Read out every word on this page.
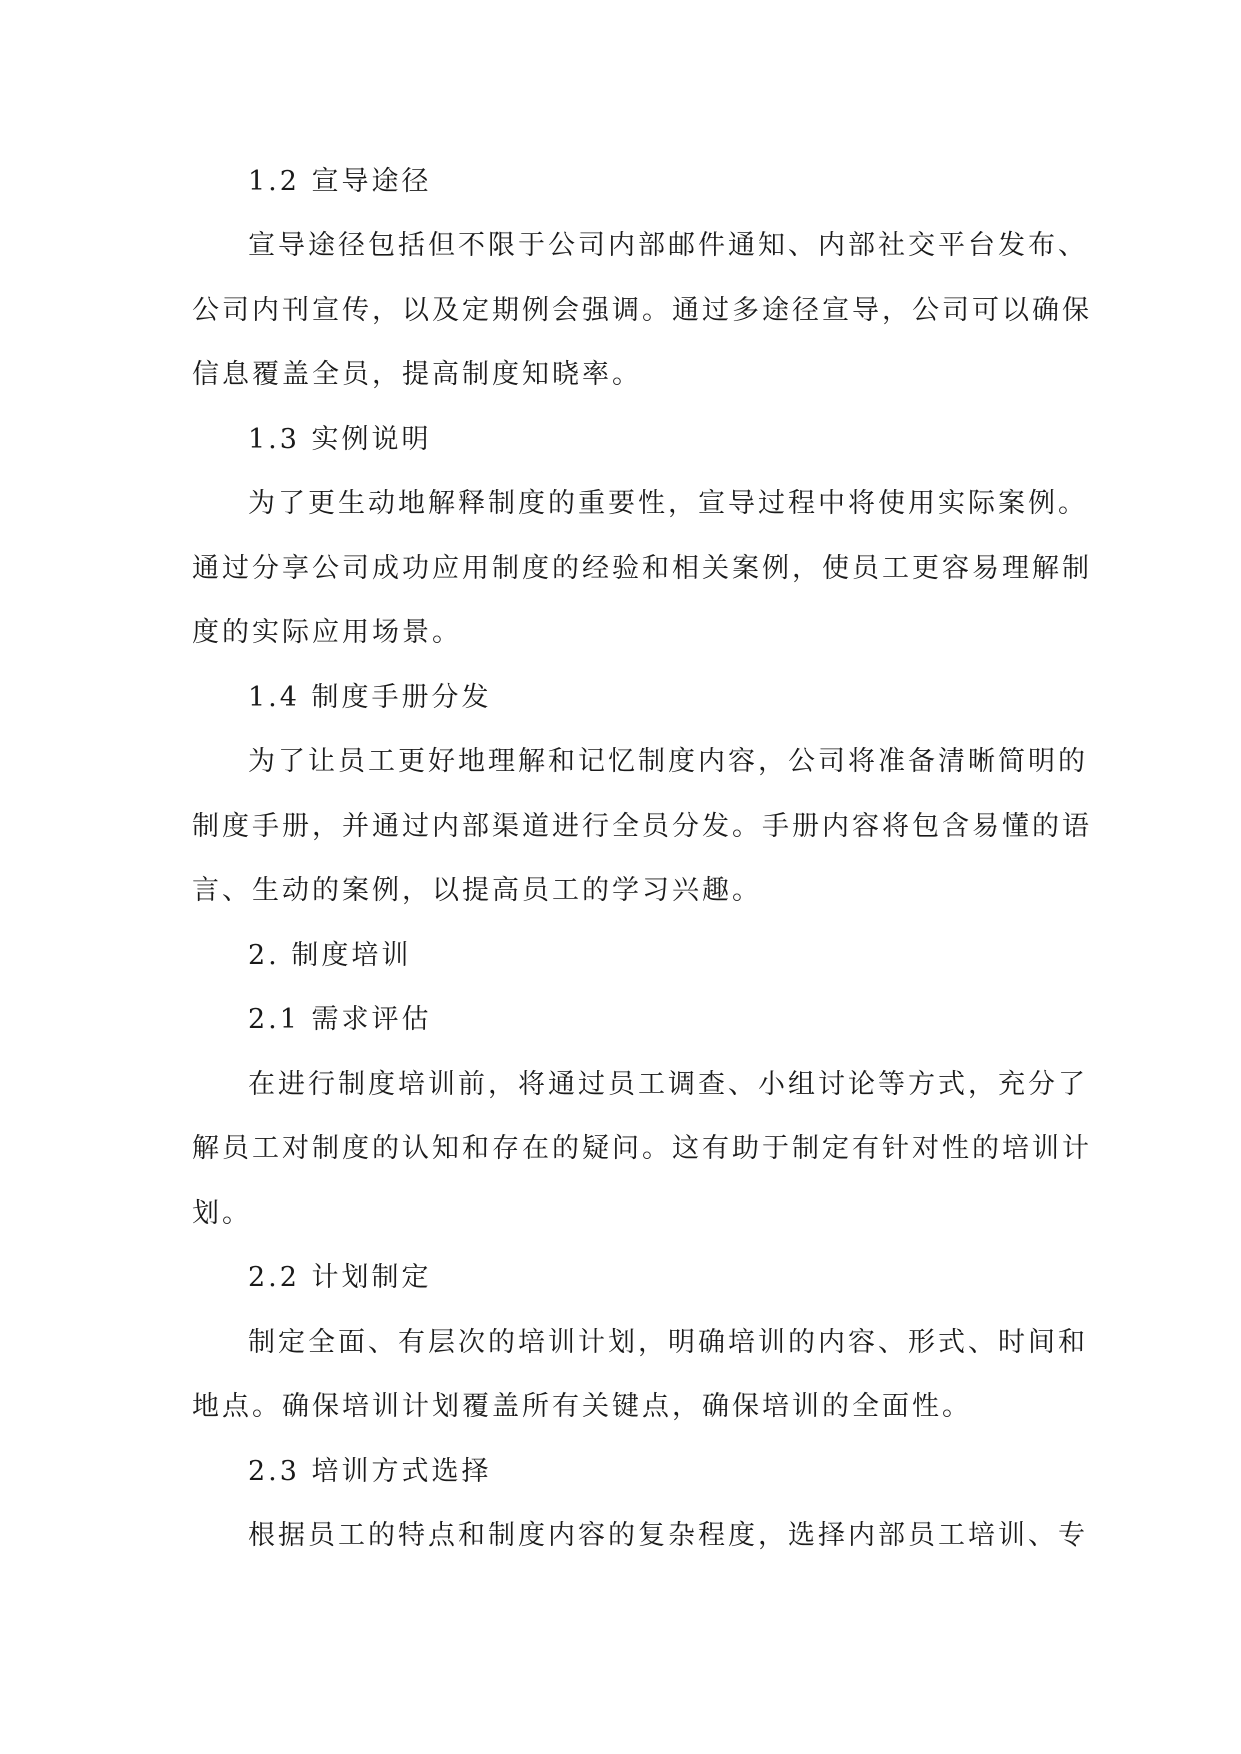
1.2 宣导途径
宣导途径包括但不限于公司内部邮件通知、内部社交平台发布、
公司内刊宣传，以及定期例会强调。通过多途径宣导，公司可以确保
信息覆盖全员，提高制度知晓率。
1.3 实例说明
为了更生动地解释制度的重要性，宣导过程中将使用实际案例。
通过分享公司成功应用制度的经验和相关案例，使员工更容易理解制
度的实际应用场景。
1.4 制度手册分发
为了让员工更好地理解和记忆制度内容，公司将准备清晰简明的
制度手册，并通过内部渠道进行全员分发。手册内容将包含易懂的语
言、生动的案例，以提高员工的学习兴趣。
2. 制度培训
2.1 需求评估
在进行制度培训前，将通过员工调查、小组讨论等方式，充分了
解员工对制度的认知和存在的疑问。这有助于制定有针对性的培训计
划。
2.2 计划制定
制定全面、有层次的培训计划，明确培训的内容、形式、时间和
地点。确保培训计划覆盖所有关键点，确保培训的全面性。
2.3 培训方式选择
根据员工的特点和制度内容的复杂程度，选择内部员工培训、专
